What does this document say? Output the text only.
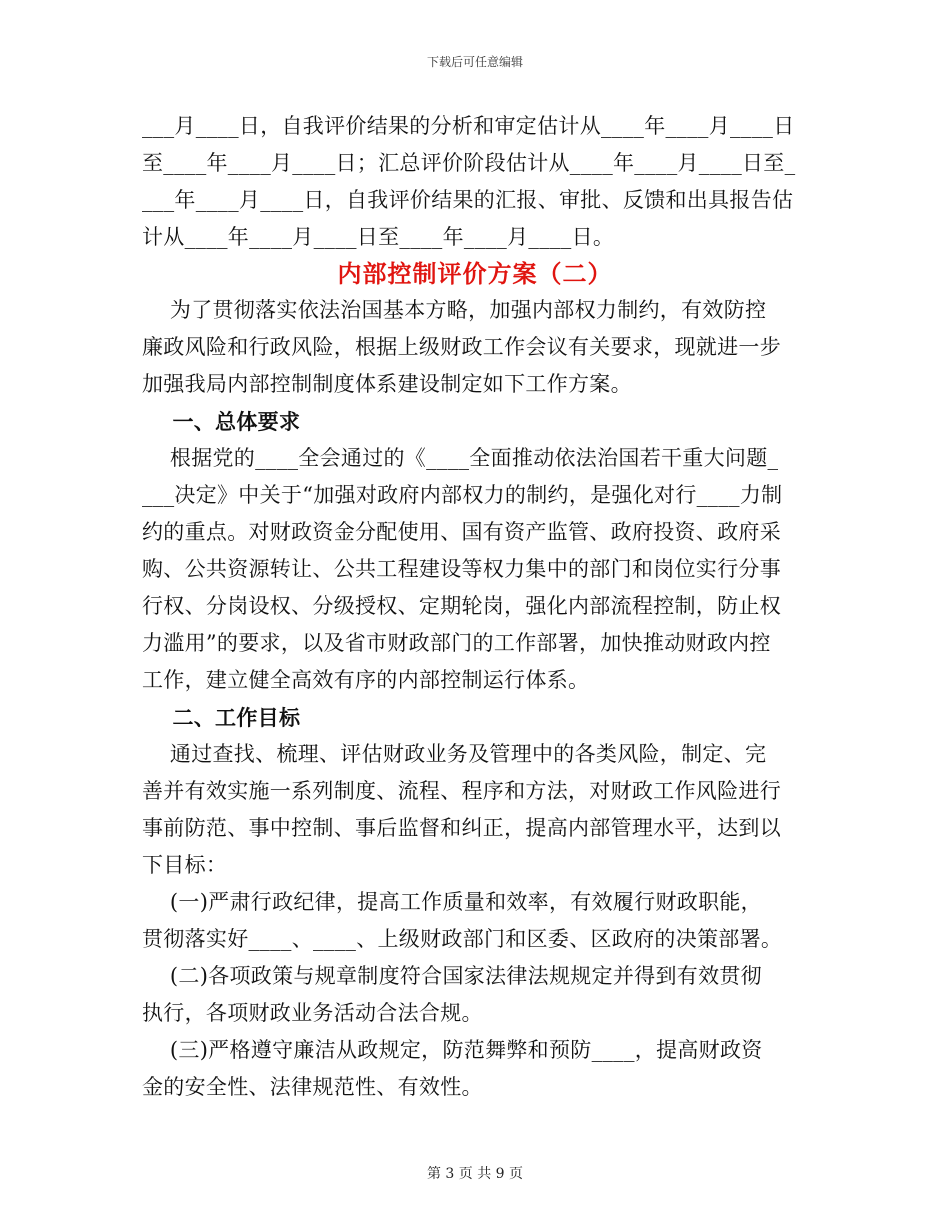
下载后可任意编辑
___月____日，自我评价结果的分析和审定估计从____年____月____日
至____年____月____日；汇总评价阶段估计从____年____月____日至_
___年____月____日，自我评价结果的汇报、审批、反馈和出具报告估
计从____年____月____日至____年____月____日。
内部控制评价方案（二）
为了贯彻落实依法治国基本方略，加强内部权力制约，有效防控
廉政风险和行政风险，根据上级财政工作会议有关要求，现就进一步
加强我局内部控制制度体系建设制定如下工作方案。
一、总体要求
根据党的____全会通过的《____全面推动依法治国若干重大问题_
___决定》中关于“加强对政府内部权力的制约，是强化对行____力制
约的重点。对财政资金分配使用、国有资产监管、政府投资、政府采
购、公共资源转让、公共工程建设等权力集中的部门和岗位实行分事
行权、分岗设权、分级授权、定期轮岗，强化内部流程控制，防止权
力滥用”的要求，以及省市财政部门的工作部署，加快推动财政内控
工作，建立健全高效有序的内部控制运行体系。
二、工作目标
通过查找、梳理、评估财政业务及管理中的各类风险，制定、完
善并有效实施一系列制度、流程、程序和方法，对财政工作风险进行
事前防范、事中控制、事后监督和纠正，提高内部管理水平，达到以
下目标：
(一)严肃行政纪律，提高工作质量和效率，有效履行财政职能，
贯彻落实好____、____、上级财政部门和区委、区政府的决策部署。
(二)各项政策与规章制度符合国家法律法规规定并得到有效贯彻
执行，各项财政业务活动合法合规。
(三)严格遵守廉洁从政规定，防范舞弊和预防____，提高财政资
金的安全性、法律规范性、有效性。
第 3 页 共 9 页
